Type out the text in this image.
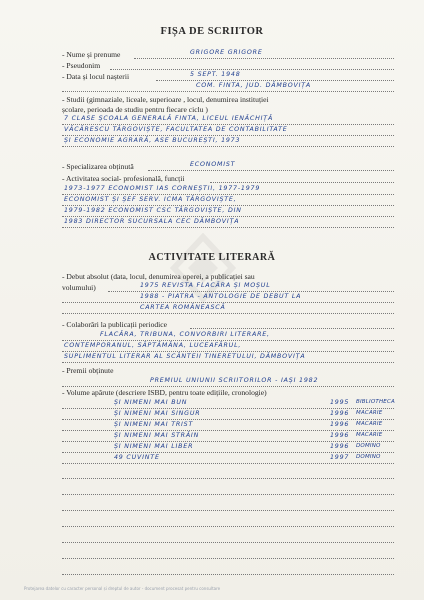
FIȘA DE SCRIITOR
- Nume și prenume	GRIGORE GRIGORE
- Pseudonim
- Data și locul nașterii	5 SEPT. 1948
COM. FINTA, JUD. DÂMBOVIȚA
- Studii (gimnaziale, liceale, superioare , locul, denumirea instituției
școlare, perioada de studiu pentru fiecare ciclu )
7 CLASE ȘCOALA GENERALĂ FINTA, LICEUL IENĂCHIȚĂ
VĂCĂRESCU TÂRGOVIȘTE, FACULTATEA DE CONTABILITATE
ȘI ECONOMIE AGRARĂ, ASE BUCUREȘTI, 1973
- Specializarea obținută	ECONOMIST
- Activitatea social- profesională, funcții
1973-1977 ECONOMIST IAS CORNEȘTII, 1977-1979
ECONOMIST ȘI ȘEF SERV. ICMA TÂRGOVIȘTE,
1979-1982 ECONOMIST CSC TÂRGOVIȘTE, DIN
1983 DIRECTOR SUCURSALA CEC DÂMBOVIȚA
ACTIVITATE LITERARĂ
- Debut absolut (data, locul, denumirea operei, a publicației sau
volumului)	1975 REVISTA FLACĂRA ȘI MOȘUL
1988 - PIATRA - ANTOLOGIE DE DEBUT LA
CARTEA ROMÂNEASCĂ
- Colaborări la publicații periodice
FLACĂRA, TRIBUNA, CONVORBIRI LITERARE,
CONTEMPORANUL, SĂPTĂMÂNA, LUCEAFĂRUL,
SUPLIMENTUL LITERAR AL SCÂNTEII TINERETULUI, DÂMBOVIȚA
- Premii obținute
PREMIUL UNIUNII SCRIITORILOR - IAȘI 1982
- Volume apărute (descriere ISBD, pentru toate edițiile, cronologie)
ȘI NIMENI MAI BUN	1995 BIBLIOTHECA
ȘI NIMENI MAI SINGUR	1996 MACARIE
ȘI NIMENI MAI TRIST	1996 MACARIE
ȘI NIMENI MAI STRĂIN	1996 MACARIE
ȘI NIMENI MAI LIBER	1996 DOMINO
49 CUVINTE	1997 DOMINO
Protejarea datelor cu caracter personal și dreptul de autor - document procesat pentru consultare
